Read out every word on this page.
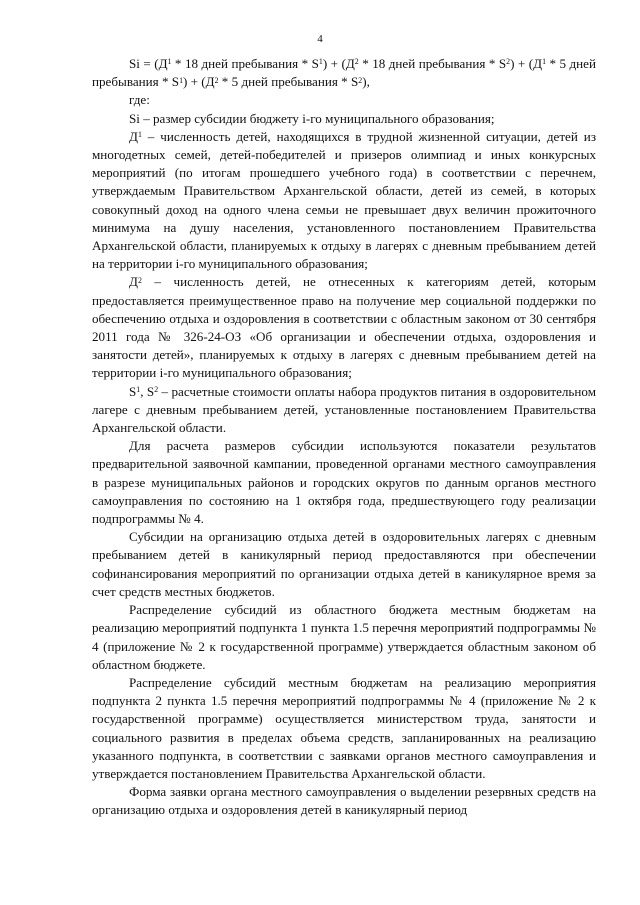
4

$Si = (Д^1 * 18$ дней пребывания * $S^1) + (Д^2 * 18$ дней пребывания * $S^2) + (Д^1 * 5$ дней пребывания * $S^1) + (Д^2 * 5$ дней пребывания * $S^2$),

где:

Si – размер субсидии бюджету i-го муниципального образования;

$Д^1$ – численность детей, находящихся в трудной жизненной ситуации, детей из многодетных семей, детей-победителей и призеров олимпиад и иных конкурсных мероприятий (по итогам прошедшего учебного года) в соответствии с перечнем, утверждаемым Правительством Архангельской области, детей из семей, в которых совокупный доход на одного члена семьи не превышает двух величин прожиточного минимума на душу населения, установленного постановлением Правительства Архангельской области, планируемых к отдыху в лагерях с дневным пребыванием детей на территории i-го муниципального образования;

$Д^2$ – численность детей, не отнесенных к категориям детей, которым предоставляется преимущественное право на получение мер социальной поддержки по обеспечению отдыха и оздоровления в соответствии с областным законом от 30 сентября 2011 года № 326-24-ОЗ «Об организации и обеспечении отдыха, оздоровления и занятости детей», планируемых к отдыху в лагерях с дневным пребыванием детей на территории i-го муниципального образования;

$S^1$, $S^2$ – расчетные стоимости оплаты набора продуктов питания в оздоровительном лагере с дневным пребыванием детей, установленные постановлением Правительства Архангельской области.

Для расчета размеров субсидии используются показатели результатов предварительной заявочной кампании, проведенной органами местного самоуправления в разрезе муниципальных районов и городских округов по данным органов местного самоуправления по состоянию на 1 октября года, предшествующего году реализации подпрограммы № 4.

Субсидии на организацию отдыха детей в оздоровительных лагерях с дневным пребыванием детей в каникулярный период предоставляются при обеспечении софинансирования мероприятий по организации отдыха детей в каникулярное время за счет средств местных бюджетов.

Распределение субсидий из областного бюджета местным бюджетам на реализацию мероприятий подпункта 1 пункта 1.5 перечня мероприятий подпрограммы № 4 (приложение № 2 к государственной программе) утверждается областным законом об областном бюджете.

Распределение субсидий местным бюджетам на реализацию мероприятия подпункта 2 пункта 1.5 перечня мероприятий подпрограммы № 4 (приложение № 2 к государственной программе) осуществляется министерством труда, занятости и социального развития в пределах объема средств, запланированных на реализацию указанного подпункта, в соответствии с заявками органов местного самоуправления и утверждается постановлением Правительства Архангельской области.

Форма заявки органа местного самоуправления о выделении резервных средств на организацию отдыха и оздоровления детей в каникулярный период
